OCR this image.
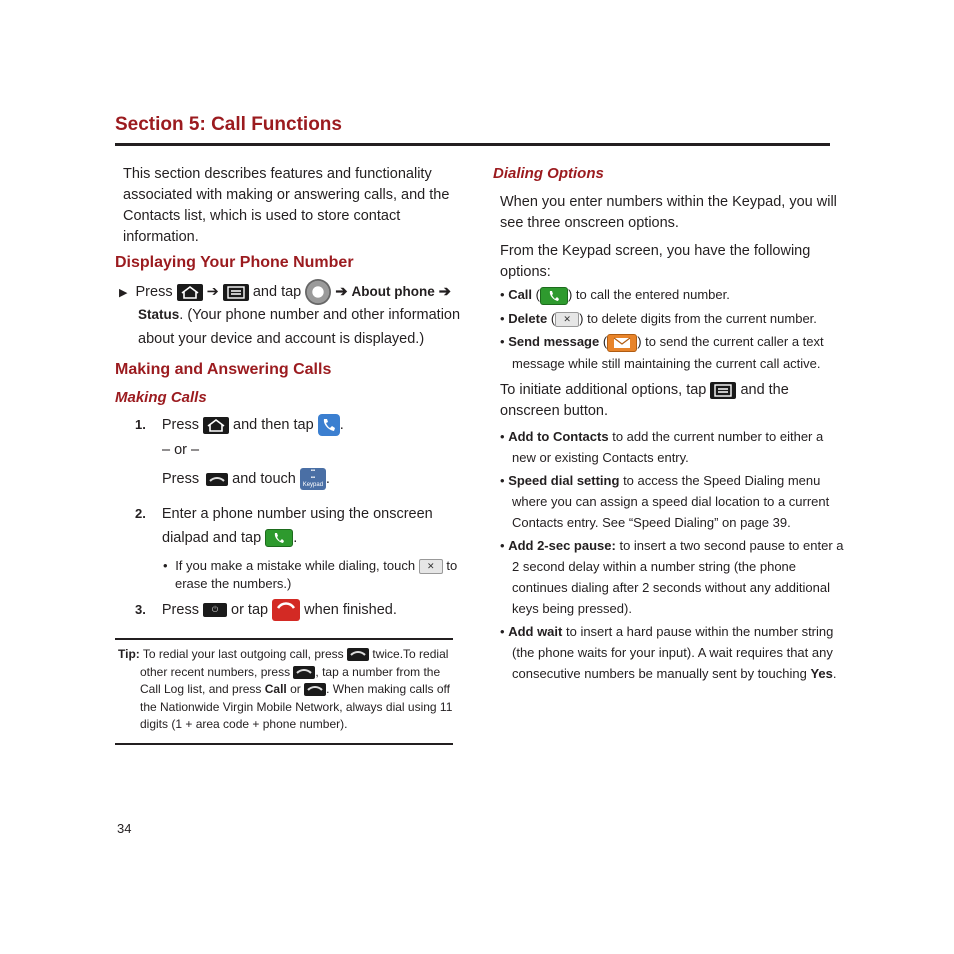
Section 5: Call Functions
This section describes features and functionality
associated with making or answering calls, and the
Contacts list, which is used to store contact
information.
Displaying Your Phone Number
▶ Press ➔ and tap ➔ About phone ➔
Status. (Your phone number and other information
about your device and account is displayed.)
Making and Answering Calls
Making Calls
1. Press and then tap .
– or –
Press and touch ▪▪
▪▪
Keypad .
2. Enter a phone number using the onscreen
dialpad and tap .
• If you make a mistake while dialing, touch ✕ to
erase the numbers.)
3. Press ⏻ or tap
End call when finished.
Tip: To redial your last outgoing call, press twice.To redial
other recent numbers, press , tap a number from the
Call Log list, and press Call or . When making calls off
the Nationwide Virgin Mobile Network, always dial using 11
digits (1 + area code + phone number).
34
Dialing Options
When you enter numbers within the Keypad, you will
see three onscreen options.
From the Keypad screen, you have the following
options:
• Call ( ) to call the entered number.
• Delete ( ✕ ) to delete digits from the current number.
• Send message ( ) to send the current caller a text
message while still maintaining the current call active.
To initiate additional options, tap and the
onscreen button.
• Add to Contacts to add the current number to either a
new or existing Contacts entry.
• Speed dial setting to access the Speed Dialing menu
where you can assign a speed dial location to a current
Contacts entry. See “Speed Dialing” on page 39.
• Add 2-sec pause: to insert a two second pause to enter a
2 second delay within a number string (the phone
continues dialing after 2 seconds without any additional
keys being pressed).
• Add wait to insert a hard pause within the number string
(the phone waits for your input). A wait requires that any
consecutive numbers be manually sent by touching Yes.
